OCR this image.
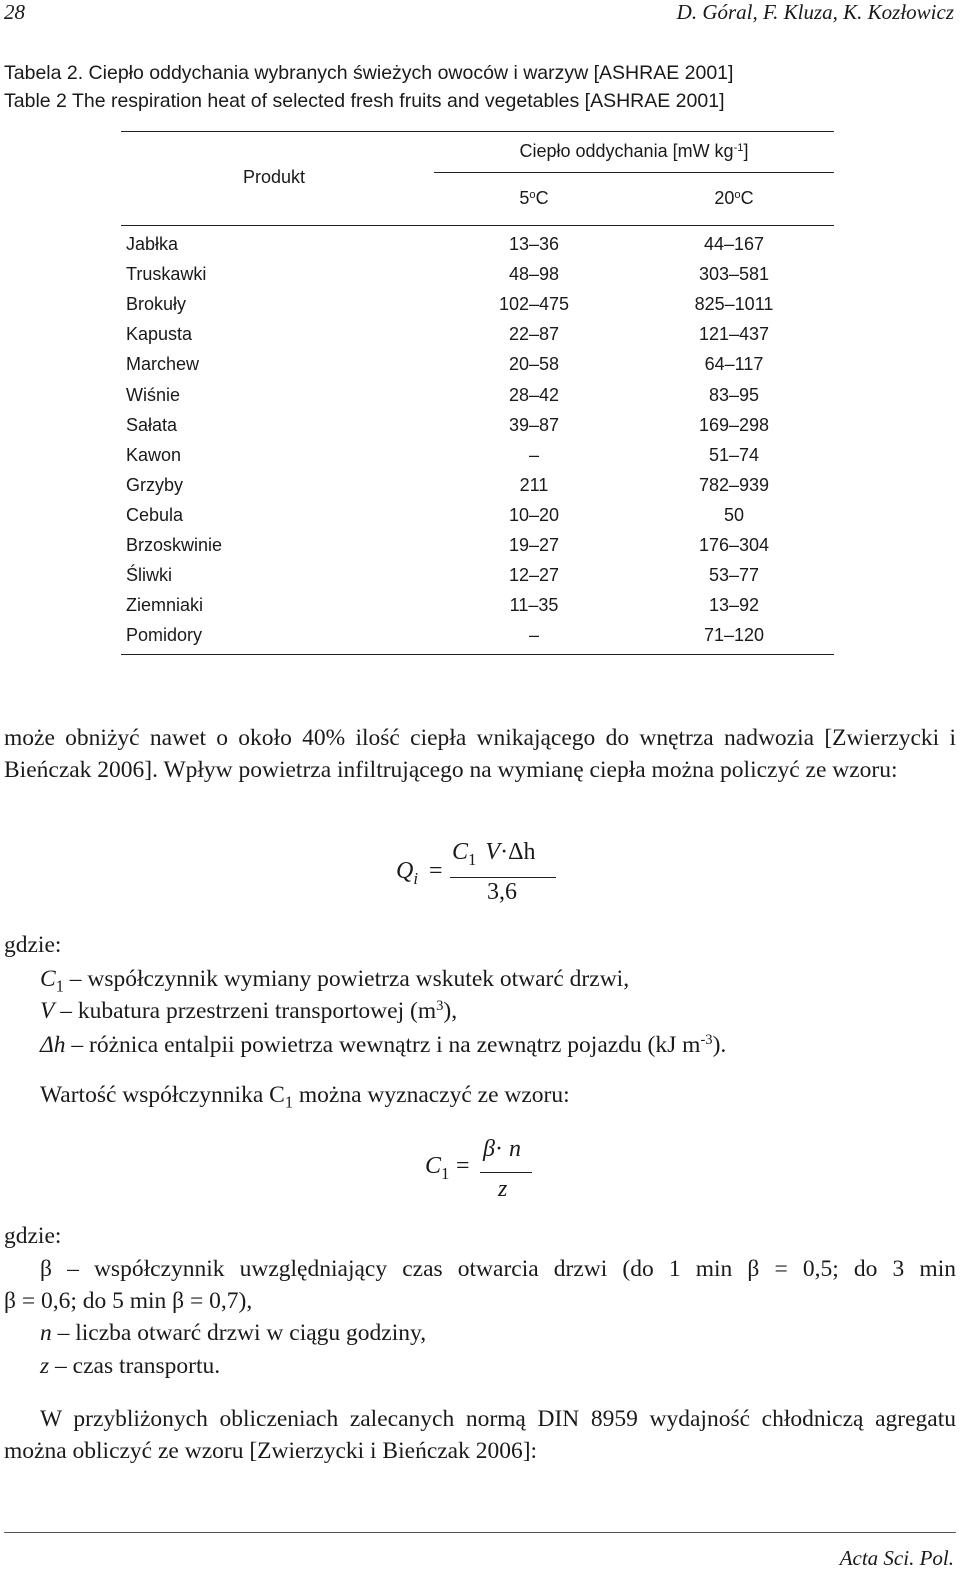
28	D. Góral, F. Kluza, K. Kozłowicz
Tabela 2. Ciepło oddychania wybranych świeżych owoców i warzyw [ASHRAE 2001]
Table 2 The respiration heat of selected fresh fruits and vegetables [ASHRAE 2001]
Produkt
Ciepło oddychania [mW $kg^{-1}$]
5$^o$C	20$^o$C
Jabłka	13–36	44–167
Truskawki	48–98	303–581
Brokuły	102–475	825–1011
Kapusta	22–87	121–437
Marchew	20–58	64–117
Wiśnie	28–42	83–95
Sałata	39–87	169–298
Kawon	–	51–74
Grzyby	211	782–939
Cebula	10–20	50
Brzoskwinie	19–27	176–304
Śliwki	12–27	53–77
Ziemniaki	11–35	13–92
Pomidory	–	71–120
może obniżyć nawet o około 40% ilość ciepła wnikającego do wnętrza nadwozia [Zwierzycki i Bieńczak 2006]. Wpływ powietrza infiltrującego na wymianę ciepła można policzyć ze wzoru:
$Q_i$ =
$C_1$ V·Δh
3,6
gdzie:
$C_1$ – współczynnik wymiany powietrza wskutek otwarć drzwi,
V – kubatura przestrzeni transportowej $(m^3)$,
Δh – różnica entalpii powietrza wewnątrz i na zewnątrz pojazdu (kJ $m^{-3}$).
Wartość współczynnika $C_1$ można wyznaczyć ze wzoru:
$C_1$ =
β· n
z
gdzie:
β – współczynnik uwzględniający czas otwarcia drzwi (do 1 min β = 0,5; do 3 min
β = 0,6; do 5 min β = 0,7),
n – liczba otwarć drzwi w ciągu godziny,
z – czas transportu.
W przybliżonych obliczeniach zalecanych normą DIN 8959 wydajność chłodniczą agregatu można obliczyć ze wzoru [Zwierzycki i Bieńczak 2006]:
Acta Sci. Pol.
